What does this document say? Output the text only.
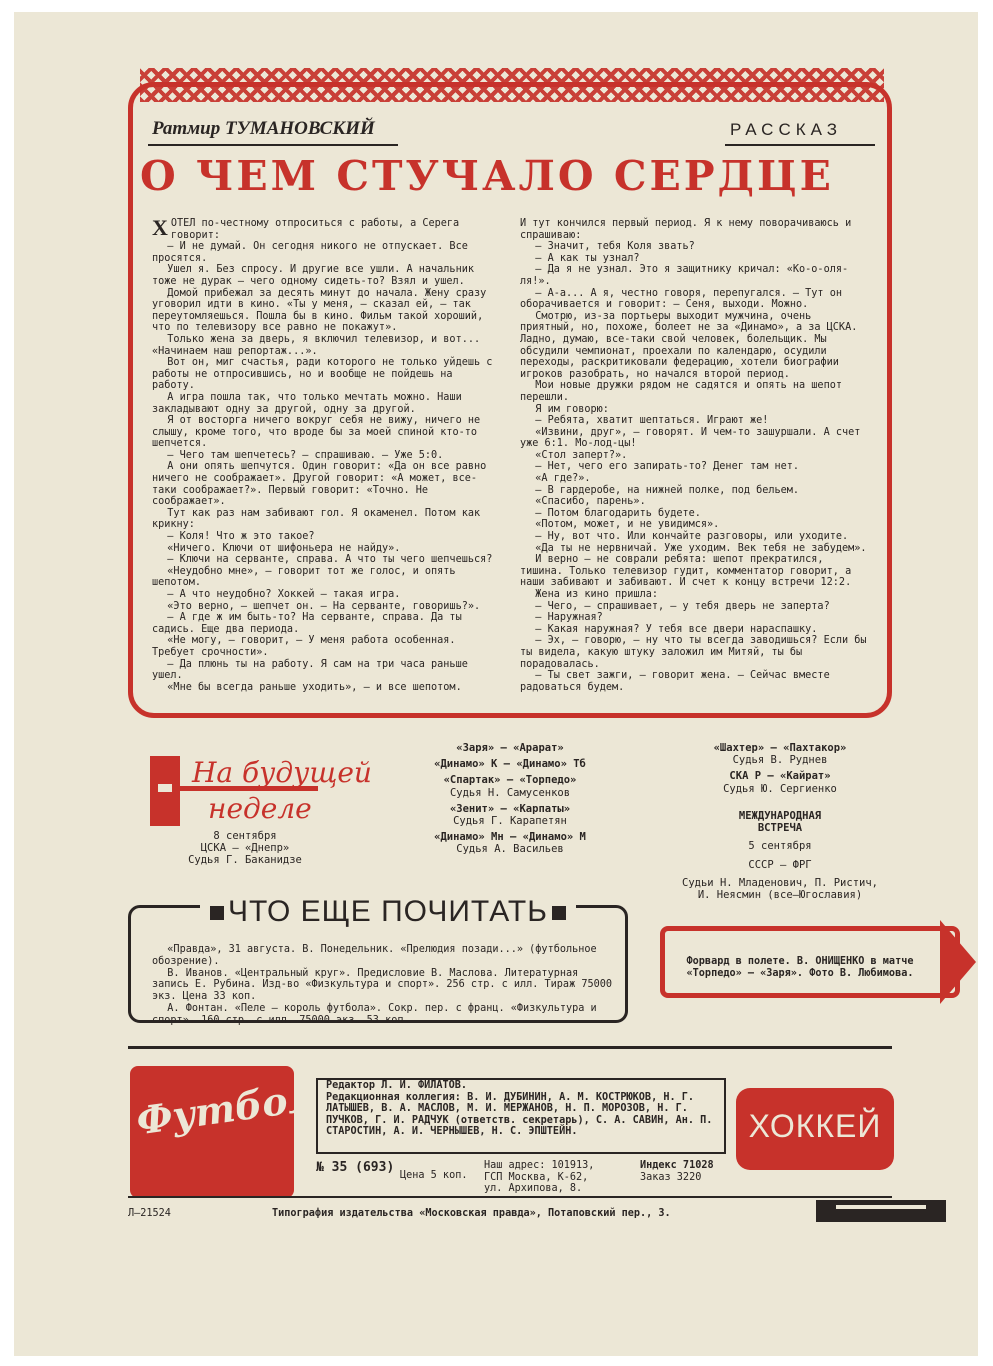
Ратмир ТУМАНОВСКИЙ	РАССКАЗ
О ЧЕМ СТУЧАЛО СЕРДЦЕ
Х ОТЕЛ по-честному отпроситься с работы, а Серега говорит:

— И не думай. Он сегодня никого не отпускает. Все просятся.

Ушел я. Без спросу. И другие все ушли. А начальник тоже не дурак — чего одному сидеть-то? Взял и ушел.

Домой прибежал за десять минут до начала. Жену сразу уговорил идти в кино. «Ты у меня, — сказал ей, — так переутомляешься. Пошла бы в кино. Фильм такой хороший, что по телевизору все равно не покажут».

Только жена за дверь, я включил телевизор, и вот... «Начинаем наш репортаж...».

Вот он, миг счастья, ради которого не только уйдешь с работы не отпросившись, но и вообще не пойдешь на работу.

А игра пошла так, что только мечтать можно. Наши закладывают одну за другой, одну за другой.

Я от восторга ничего вокруг себя не вижу, ничего не слышу, кроме того, что вроде бы за моей спиной кто-то шепчется.

— Чего там шепчетесь? — спрашиваю. — Уже 5:0.

А они опять шепчутся. Один говорит: «Да он все равно ничего не соображает». Другой говорит: «А может, все-таки соображает?». Первый говорит: «Точно. Не соображает».

Тут как раз нам забивают гол. Я окаменел. Потом как крикну:

— Коля! Что ж это такое?

«Ничего. Ключи от шифоньера не найду».

— Ключи на серванте, справа. А что ты чего шепчешься?

«Неудобно мне», — говорит тот же голос, и опять шепотом.

— А что неудобно? Хоккей — такая игра.

«Это верно, — шепчет он. — На серванте, говоришь?».

— А где ж им быть-то? На серванте, справа. Да ты садись. Еще два периода.

«Не могу, — говорит, — У меня работа особенная. Требует срочности».

— Да плюнь ты на работу. Я сам на три часа раньше ушел.

«Мне бы всегда раньше уходить», — и все шепотом.

И тут кончился первый период. Я к нему поворачиваюсь и спрашиваю:

— Значит, тебя Коля звать?

— А как ты узнал?

— Да я не узнал. Это я защитнику кричал: «Ко-о-оля-ля!».

— А-а... А я, честно говоря, перепугался. — Тут он оборачивается и говорит: — Сеня, выходи. Можно.

Смотрю, из-за портьеры выходит мужчина, очень приятный, но, похоже, болеет не за «Динамо», а за ЦСКА. Ладно, думаю, все-таки свой человек, болельщик. Мы обсудили чемпионат, проехали по календарю, осудили переходы, раскритиковали федерацию, хотели биографии игроков разобрать, но начался второй период.

Мои новые дружки рядом не садятся и опять на шепот перешли.

Я им говорю:

— Ребята, хватит шептаться. Играют же!

«Извини, друг», — говорят. И чем-то зашуршали. А счет уже 6:1. Мо-лод-цы!

«Стол заперт?».

— Нет, чего его запирать-то? Денег там нет.

«А где?».

— В гардеробе, на нижней полке, под бельем.

«Спасибо, парень».

— Потом благодарить будете.

«Потом, может, и не увидимся».

— Ну, вот что. Или кончайте разговоры, или уходите.

«Да ты не нервничай. Уже уходим. Век тебя не забудем».

И верно — не соврали ребята: шепот прекратился, тишина. Только телевизор гудит, комментатор говорит, а наши забивают и забивают. И счет к концу встречи 12:2.

Жена из кино пришла:

— Чего, — спрашивает, — у тебя дверь не заперта?

— Наружная?

— Какая наружная? У тебя все двери нараспашку.

— Эх, — говорю, — ну что ты всегда заводишься? Если бы ты видела, какую штуку заложил им Митяй, ты бы порадовалась.

— Ты свет зажги, — говорит жена. — Сейчас вместе радоваться будем.

На будущей
неделе
8 сентября
ЦСКА — «Днепр»
Судья Г. Баканидзе
«Заря» — «Арарат»
«Динамо» К — «Динамо» Тб
«Спартак» — «Торпедо»
Судья Н. Самусенков
«Зенит» — «Карпаты»
Судья Г. Карапетян
«Динамо» Мн — «Динамо» М
Судья А. Васильев
«Шахтер» — «Пахтакор»
Судья В. Руднев
СКА Р — «Кайрат»
Судья Ю. Сергиенко
МЕЖДУНАРОДНАЯ
ВСТРЕЧА
5 сентября
СССР — ФРГ
Судьи Н. Младенович, П. Ристич,
И. Неясмин (все—Югославия)
ЧТО ЕЩЕ ПОЧИТАТЬ
«Правда», 31 августа. В. Понедельник. «Прелюдия позади...» (футбольное обозрение).
В. Иванов. «Центральный круг». Предисловие В. Маслова. Литературная запись Е. Рубина. Изд-во «Физкультура и спорт». 256 стр. с илл. Тираж 75000 экз. Цена 33 коп.
А. Фонтан. «Пеле — король футбола». Сокр. пер. с франц. «Физкультура и спорт». 160 стр. с илл. 75000 экз. 53 коп.
Форвард в полете. В. ОНИЩЕНКО в матче «Торпедо» — «Заря». Фото В. Любимова.
Футбол Редактор Л. И. ФИЛАТОВ.
Редакционная коллегия: В. И. ДУБИНИН, А. М. КОСТРЮКОВ, Н. Г. ЛАТЫШЕВ, В. А. МАСЛОВ, М. И. МЕРЖАНОВ, Н. П. МОРОЗОВ, Н. Г. ПУЧКОВ, Г. И. РАДЧУК (ответств. секретарь), С. А. САВИН, Ан. П. СТАРОСТИН, А. И. ЧЕРНЫШЕВ, Н. С. ЭПШТЕЙН.
№ 35 (693)
Цена 5 коп.
Наш адрес: 101913,
ГСП Москва, К-62,
ул. Архипова, 8.
Индекс 71028
Заказ 3220
ХОККЕЙ
Л—21524	Типография издательства «Московская правда», Потаповский пер., 3.
